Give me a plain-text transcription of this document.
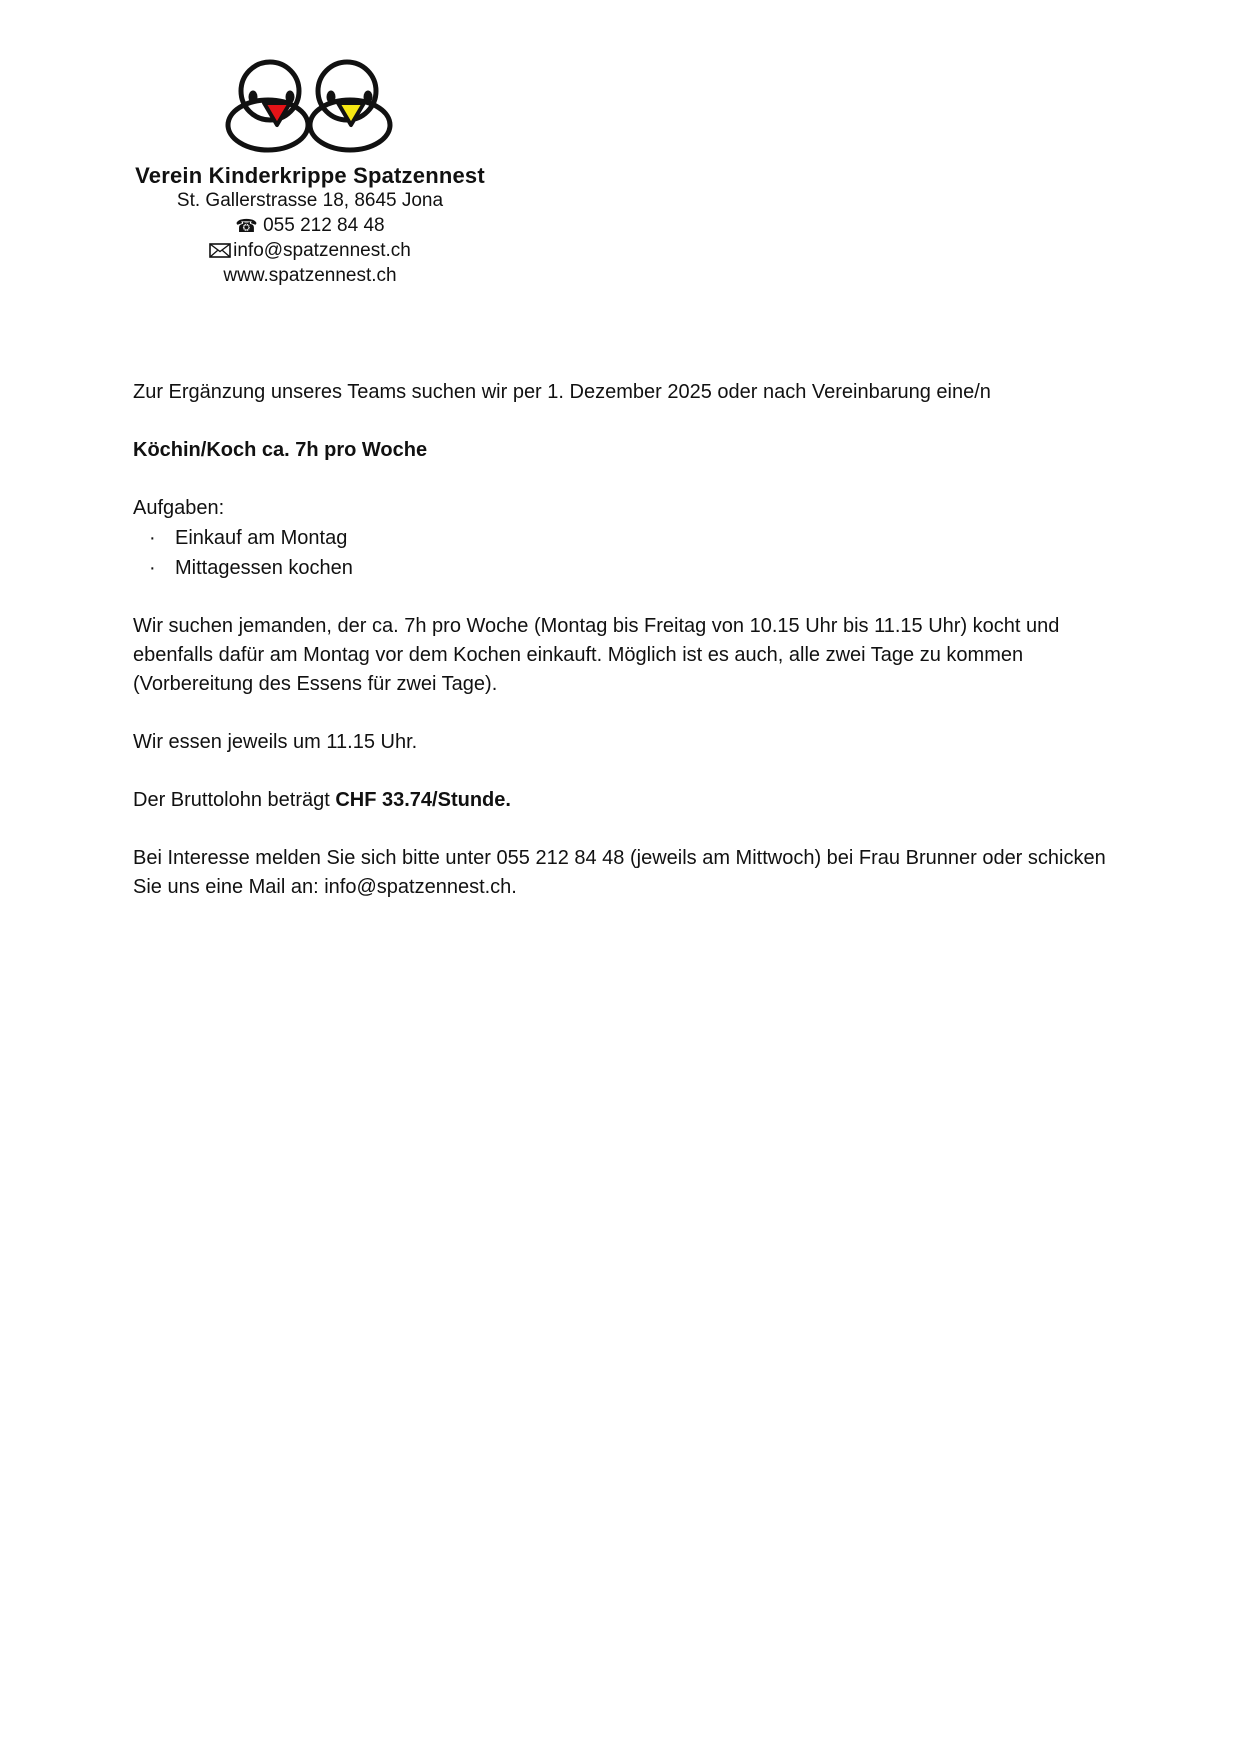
Verein Kinderkrippe Spatzennest
St. Gallerstrasse 18, 8645 Jona
☎ 055 212 84 48
info@spatzennest.ch
www.spatzennest.ch

Zur Ergänzung unseres Teams suchen wir per 1. Dezember 2025 oder nach Vereinbarung eine/n

Köchin/Koch ca. 7h pro Woche

Aufgaben:
· Einkauf am Montag
· Mittagessen kochen

Wir suchen jemanden, der ca. 7h pro Woche (Montag bis Freitag von 10.15 Uhr bis 11.15 Uhr) kocht und ebenfalls dafür am Montag vor dem Kochen einkauft. Möglich ist es auch, alle zwei Tage zu kommen (Vorbereitung des Essens für zwei Tage).

Wir essen jeweils um 11.15 Uhr.

Der Bruttolohn beträgt CHF 33.74/Stunde.

Bei Interesse melden Sie sich bitte unter 055 212 84 48 (jeweils am Mittwoch) bei Frau Brunner oder schicken Sie uns eine Mail an: info@spatzennest.ch.
